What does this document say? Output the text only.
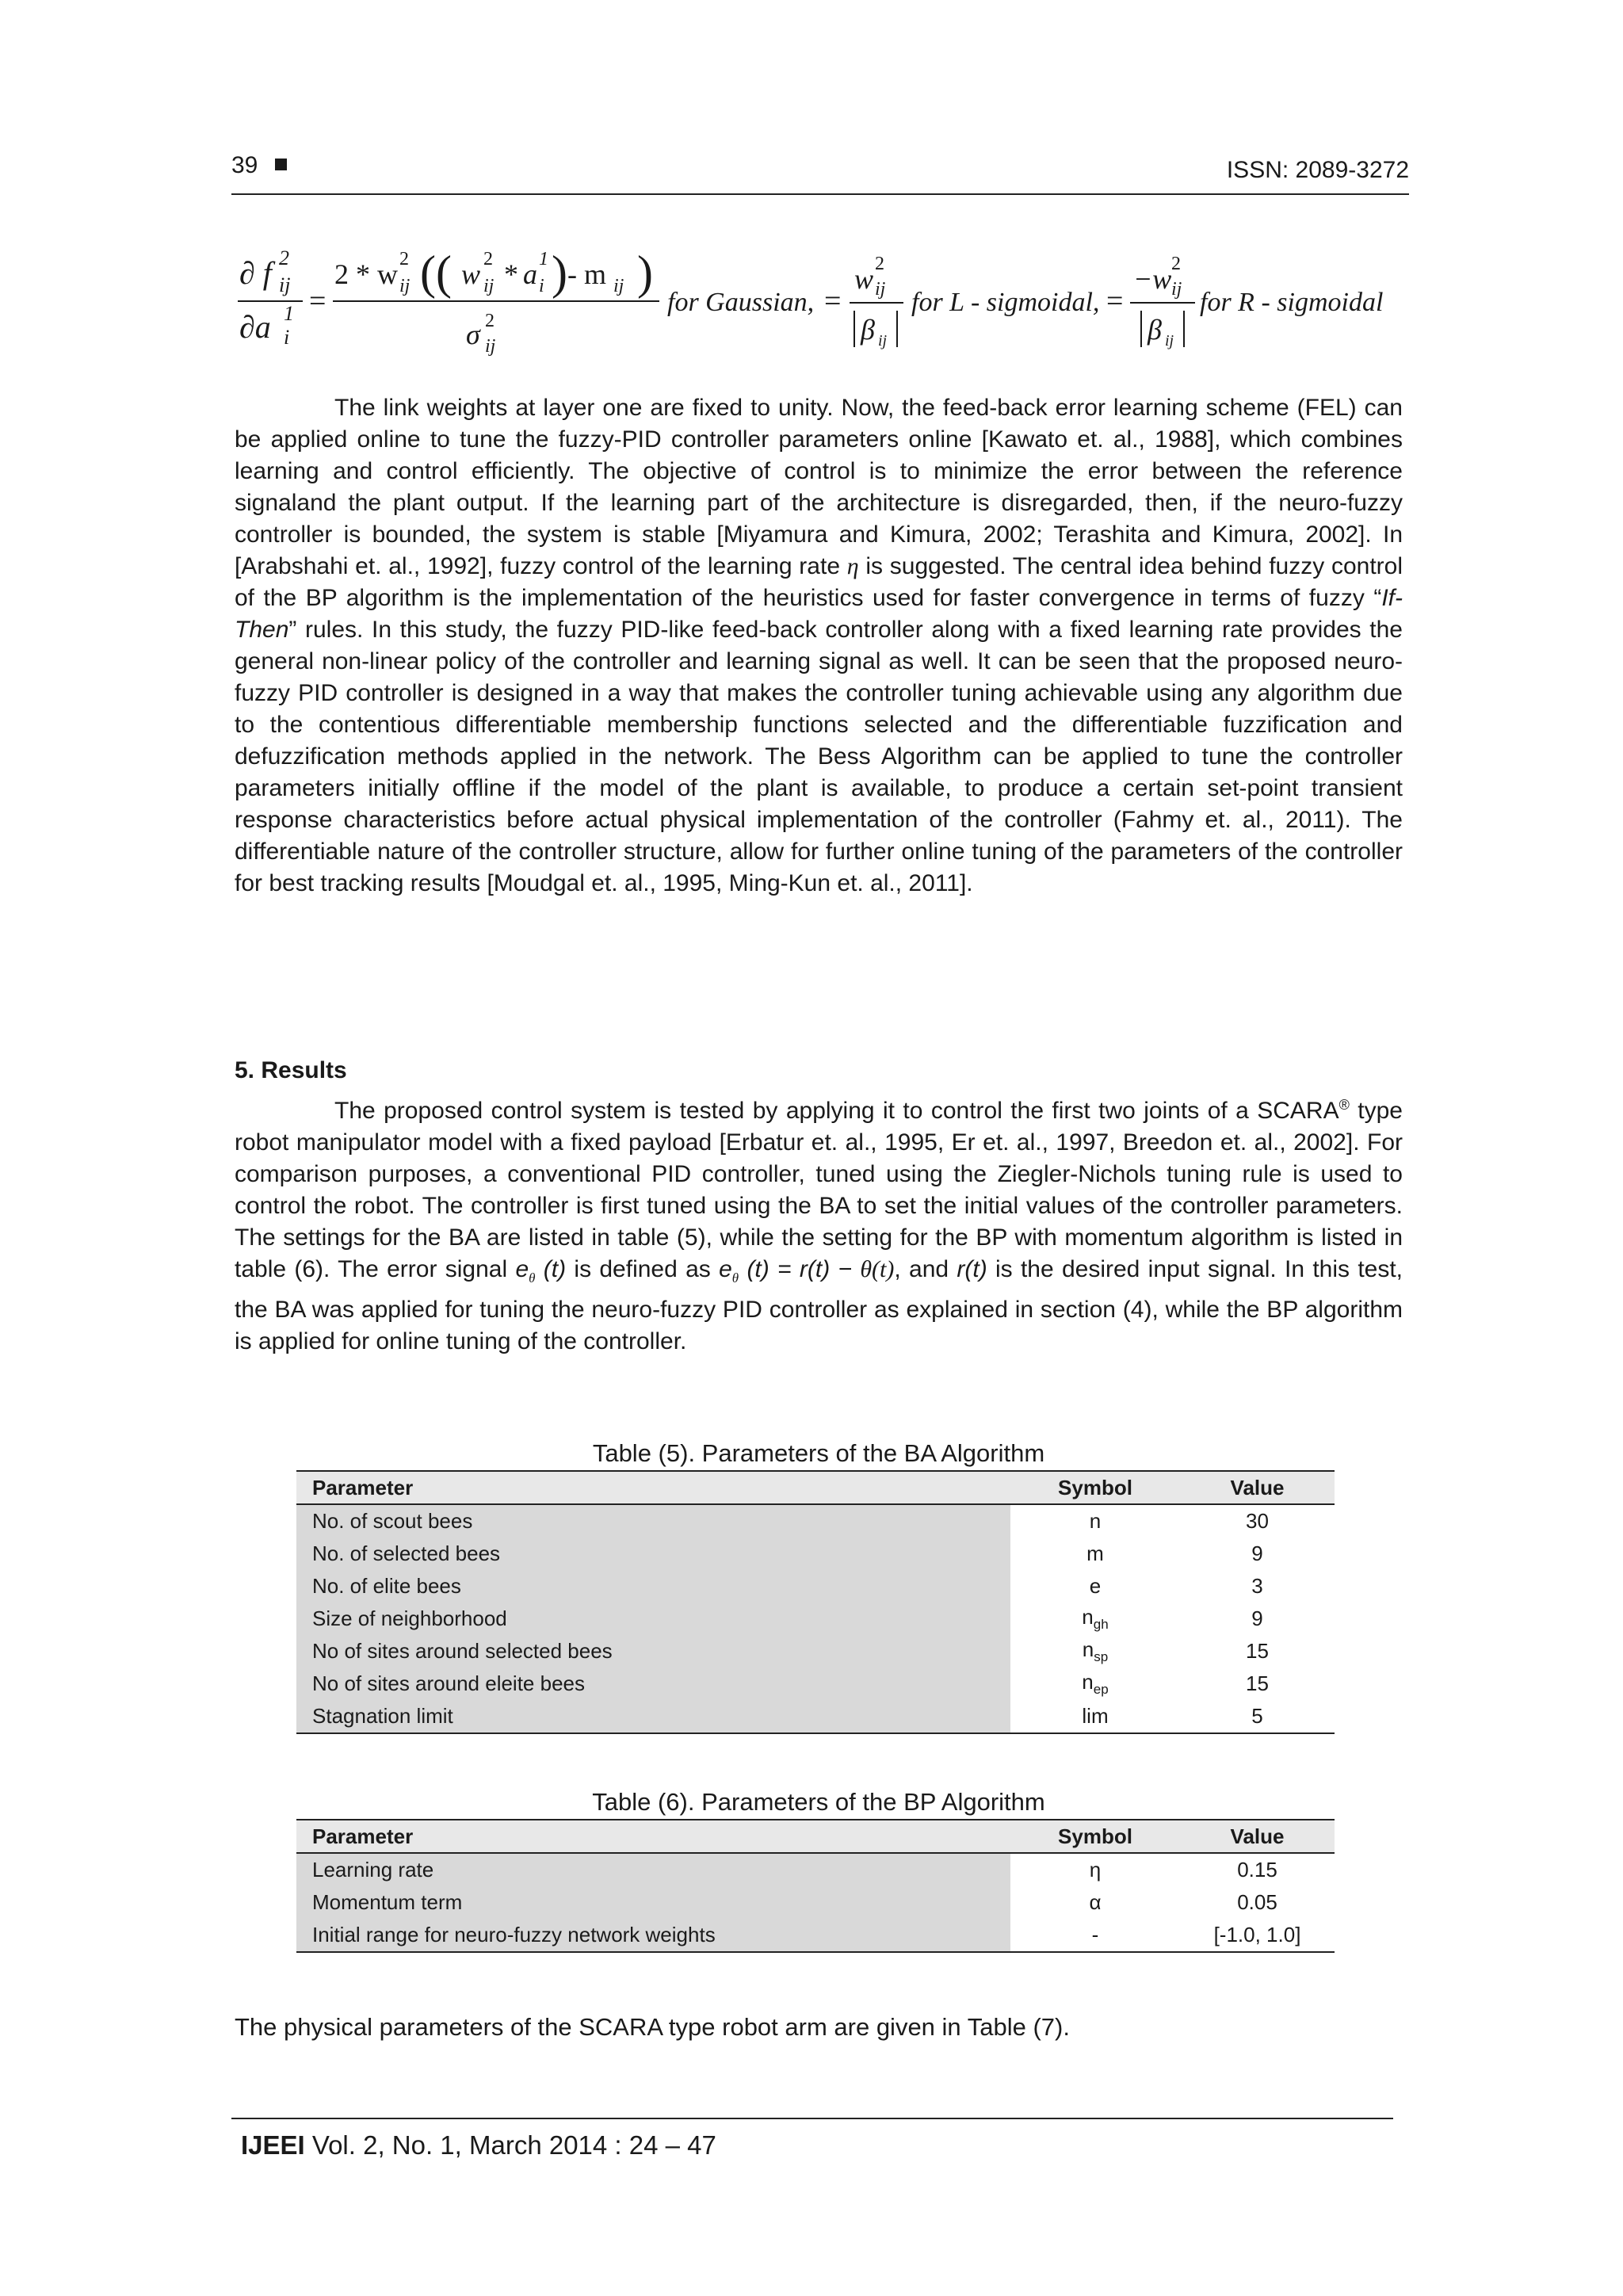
39	ISSN: 2089-3272
∂ f 2
ij
∂a 1
i
=
2 * w 2
ij (( w 2
ij * a 1
i ) - m ij )
σ 2
ij
for Gaussian, =
w 2
ij
β ij
for L - sigmoidal, =
−w 2
ij
β ij
for R - sigmoidal

The link weights at layer one are fixed to unity. Now, the feed-back error learning scheme (FEL) can be applied online to tune the fuzzy-PID controller parameters online [Kawato et. al., 1988], which combines learning and control efficiently. The objective of control is to minimize the error between the reference signaland the plant output. If the learning part of the architecture is disregarded, then, if the neuro-fuzzy controller is bounded, the system is stable [Miyamura and Kimura, 2002; Terashita and Kimura, 2002]. In [Arabshahi et. al., 1992], fuzzy control of the learning rate η is suggested. The central idea behind fuzzy control of the BP algorithm is the implementation of the heuristics used for faster convergence in terms of fuzzy “If-Then” rules. In this study, the fuzzy PID-like feed-back controller along with a fixed learning rate provides the general non-linear policy of the controller and learning signal as well. It can be seen that the proposed neuro-fuzzy PID controller is designed in a way that makes the controller tuning achievable using any algorithm due to the contentious differentiable membership functions selected and the differentiable fuzzification and defuzzification methods applied in the network. The Bess Algorithm can be applied to tune the controller parameters initially offline if the model of the plant is available, to produce a certain set-point transient response characteristics before actual physical implementation of the controller (Fahmy et. al., 2011). The differentiable nature of the controller structure, allow for further online tuning of the parameters of the controller for best tracking results [Moudgal et. al., 1995, Ming-Kun et. al., 2011].

5. Results

The proposed control system is tested by applying it to control the first two joints of a SCARA® type robot manipulator model with a fixed payload [Erbatur et. al., 1995, Er et. al., 1997, Breedon et. al., 2002]. For comparison purposes, a conventional PID controller, tuned using the Ziegler-Nichols tuning rule is used to control the robot. The controller is first tuned using the BA to set the initial values of the controller parameters. The settings for the BA are listed in table (5), while the setting for the BP with momentum algorithm is listed in table (6). The error signal $e_\theta$ (t) is defined as $e_\theta$ (t) = r(t) − θ(t), and r(t) is the desired input signal. In this test, the BA was applied for tuning the neuro-fuzzy PID controller as explained in section (4), while the BP algorithm is applied for online tuning of the controller.

Table (5). Parameters of the BA Algorithm
Parameter	Symbol	Value
No. of scout bees	n	30
No. of selected bees	m	9
No. of elite bees	e	3
Size of neighborhood	$n_{gh}$	9
No of sites around selected bees	$n_{sp}$	15
No of sites around eleite bees	$n_{ep}$	15
Stagnation limit	lim	5
Table (6). Parameters of the BP Algorithm
Parameter	Symbol	Value
Learning rate	η	0.15
Momentum term	α	0.05
Initial range for neuro-fuzzy network weights	-	[-1.0, 1.0]
The physical parameters of the SCARA type robot arm are given in Table (7).
IJEEI Vol. 2, No. 1, March 2014 : 24 – 47
